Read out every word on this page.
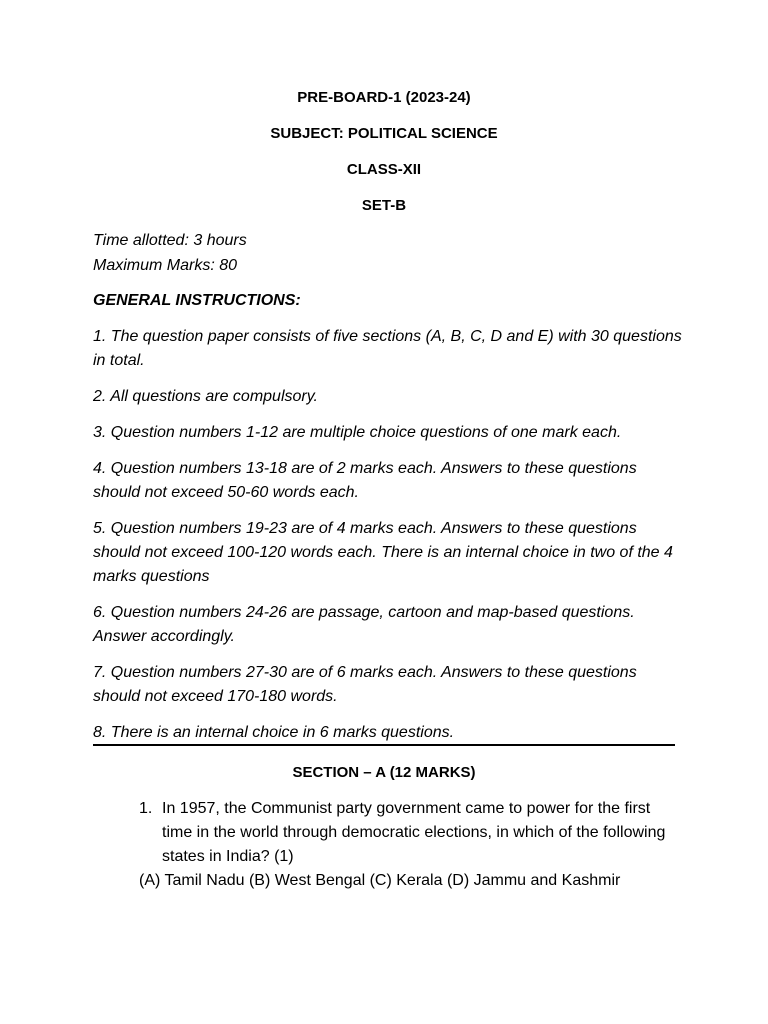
PRE-BOARD-1 (2023-24)
SUBJECT: POLITICAL SCIENCE
CLASS-XII
SET-B
Time allotted: 3 hours
Maximum Marks: 80
GENERAL INSTRUCTIONS:
1. The question paper consists of five sections (A, B, C, D and E) with 30 questions in total.
2. All questions are compulsory.
3. Question numbers 1-12 are multiple choice questions of one mark each.
4. Question numbers 13-18 are of 2 marks each. Answers to these questions should not exceed 50-60 words each.
5. Question numbers 19-23 are of 4 marks each. Answers to these questions should not exceed 100-120 words each. There is an internal choice in two of the 4 marks questions
6. Question numbers 24-26 are passage, cartoon and map-based questions. Answer accordingly.
7. Question numbers 27-30 are of 6 marks each. Answers to these questions should not exceed 170-180 words.
8. There is an internal choice in 6 marks questions.
SECTION – A (12 MARKS)
1. In 1957, the Communist party government came to power for the first time in the world through democratic elections, in which of the following states in India? (1)
(A) Tamil Nadu (B) West Bengal (C) Kerala (D) Jammu and Kashmir
